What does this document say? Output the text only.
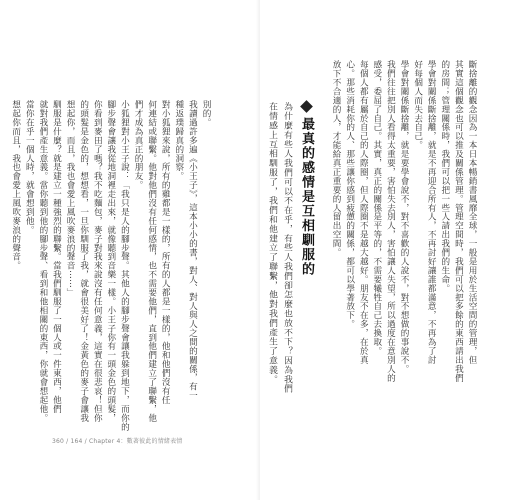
別的。

我讀過許多遍《小王子》，這本小小的書，對人、對人與人之間的關係，有一

種返璞歸真的洞察。

對小狐狸來說，所有的雞都是一樣的，所有的人都是一樣的，他和他們沒有任

何連結或聯繫。他對他們沒有任何感情，也不需要他們，直到他們建立了聯繫，他

們才成為真正的朋友。

小狐狸對小王子說：「我只是人的腳步聲。其他人的腳步聲會讓我躲到地下，而你的

腳步聲會讓我從地洞裡走出來，就像聽到音樂一樣。小王子你有一頭金色的頭髮，

你看到麥田了嗎？我不吃麵包，麥子對我來說沒有任何意義，這實在很悲哀！但你

的頭髮是金色的，想想看，一旦你馴服了我，就會很美好了！金黃色的麥子會讓我

想起你，而且，我也會愛上風吹麥浪的聲音⋯⋯」

馴服是什麼？就是建立一種強烈的聯繫。當我們馴服了一個人或一件東西，他們

就對我們產生意義。當你聽到他的腳步聲、看到和他相關的東西，你就會想起他。

當你在乎一個人時，就會想到他。

想起你而且，我也會愛上風吹麥浪的聲音。

360 / 164 / Chapter 4：數著彼此的情緒表情

斷捨離的觀念因為一本日本暢銷書風靡全球，一般是用於生活空間的管理，但

其實這個觀念也可以推及關係管理。管理空間時，我們可以把多餘的東西請出我們

的房間；管理關係時，我們可以把一些人請出我們的生命。

學會對關係斷捨離，就是不再迎合所有人，不再討好讓誰都滿意，不再為了討

好每個人而失去自己。

學會對關係斷捨離，就是要學會說不，對不喜歡的人說不，對不想做的事說不。

我們往往把別人看得太重要，害怕失去別人，害怕讓人失望，所以過度在意別人的

感受，委屈了自己。其實，真正的關係是平等的，不需要犧牲自己去換取。

每個人都有屬於自己的人際圈，但人際圈不是越大越好。朋友不在多，在於真

心。那些消耗你的人、那些讓你感到疲憊的關係，都可以學著放下。

放下不合適的人，才能給真正重要的人留出空間。

最真的感情是互相馴服的
為什麼有些人我們可以不在乎，有些人我們卻怎麼也放不下？因為我們
在情感上互相馴服了，我們和他建立了聯繫，他對我們產生了意義。
